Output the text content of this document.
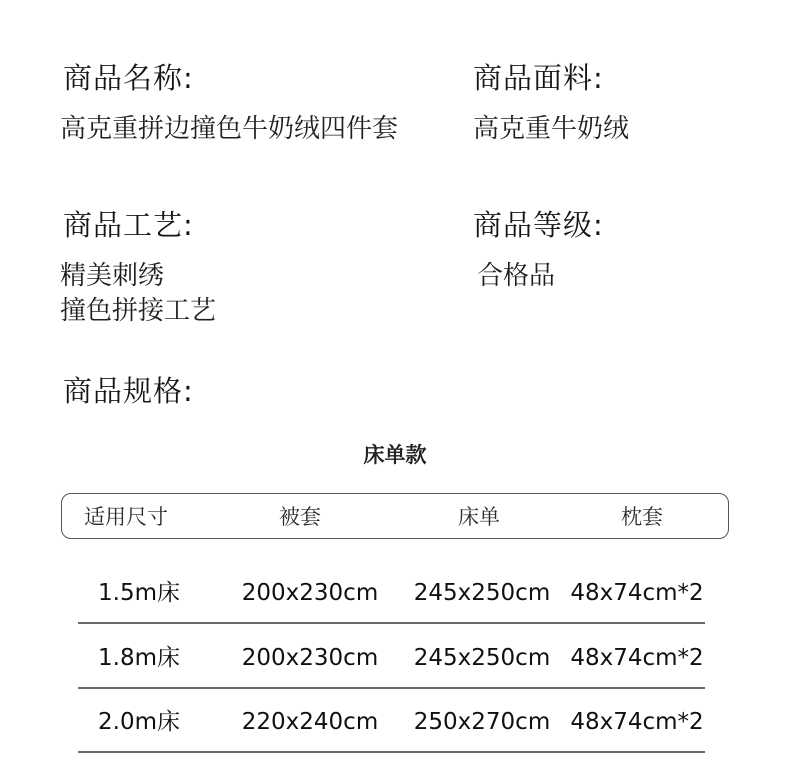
商品名称:
高克重拼边撞色牛奶绒四件套
商品面料:
高克重牛奶绒
商品工艺:
精美刺绣
撞色拼接工艺
商品等级:
合格品
商品规格:
床单款
适用尺寸	被套	床单	枕套
1.5m床	200x230cm 245x250cm 48x74cm*2
1.8m床	200x230cm 245x250cm 48x74cm*2
2.0m床	220x240cm 250x270cm 48x74cm*2
